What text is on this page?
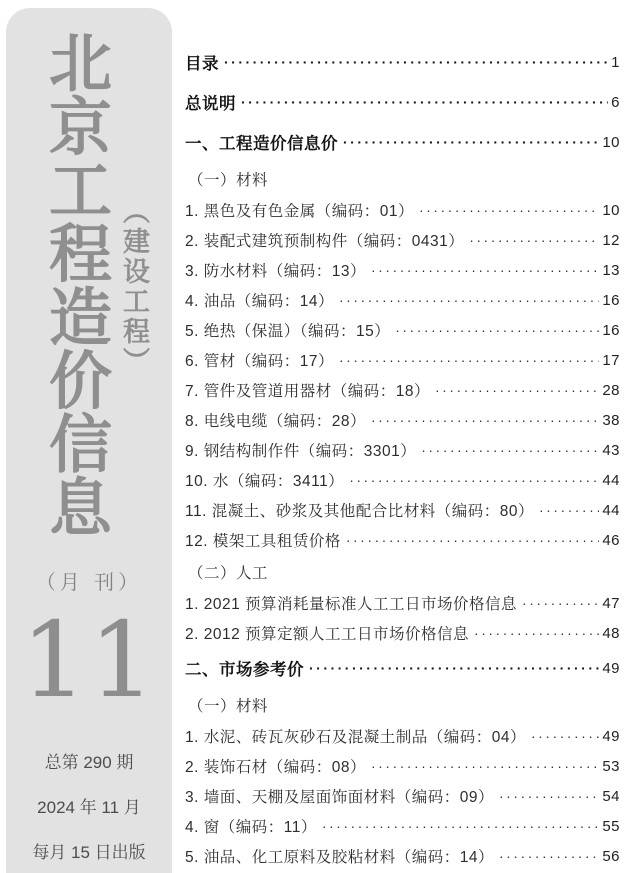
北京工程造价信息 （建设工程）
（月 刊）
11
总第 290 期
2024 年 11 月
每月 15 日出版
目录 ·····	1
总说明 ·····	6
一、工程造价信息价 ·····	10
（一）材料
1. 黑色及有色金属（编码：01） ·····	10
2. 装配式建筑预制构件（编码：0431） ·····	12
3. 防水材料（编码：13） ·····	13
4. 油品（编码：14） ·····	16
5. 绝热（保温）（编码：15） ·····	16
6. 管材（编码：17） ·····	17
7. 管件及管道用器材（编码：18） ·····	28
8. 电线电缆（编码：28） ·····	38
9. 钢结构制作件（编码：3301） ·····	43
10. 水（编码：3411） ·····	44
11. 混凝土、砂浆及其他配合比材料（编码：80） ·····	44
12. 模架工具租赁价格 ·····	46
（二）人工
1. 2021 预算消耗量标准人工工日市场价格信息 ·····	47
2. 2012 预算定额人工工日市场价格信息 ·····	48
二、市场参考价 ·····	49
（一）材料
1. 水泥、砖瓦灰砂石及混凝土制品（编码：04） ·····	49
2. 装饰石材（编码：08） ·····	53
3. 墙面、天棚及屋面饰面材料（编码：09） ·····	54
4. 窗（编码：11） ·····	55
5. 油品、化工原料及胶粘材料（编码：14） ·····	56
